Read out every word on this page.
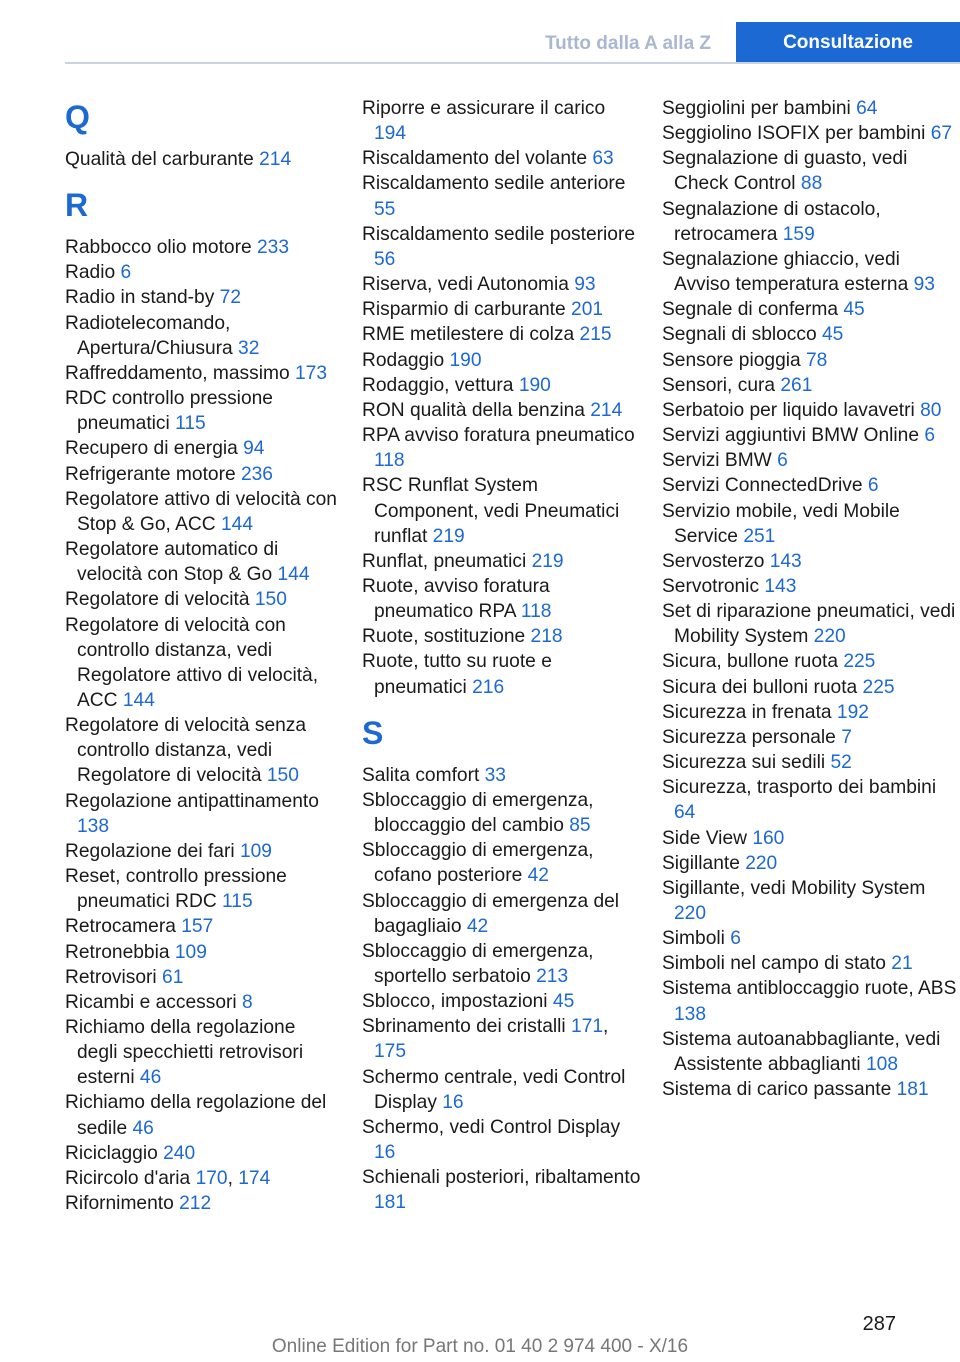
Tutto dalla A alla Z	Consultazione
Q
Qualità del carburante 214
R
Rabbocco olio motore 233
Radio 6
Radio in stand-by 72
Radiotelecomando, Apertura/Chiusura 32
Raffreddamento, massimo 173
RDC controllo pressione pneumatici 115
Recupero di energia 94
Refrigerante motore 236
Regolatore attivo di velocità con Stop & Go, ACC 144
Regolatore automatico di velocità con Stop & Go 144
Regolatore di velocità 150
Regolatore di velocità con controllo distanza, vedi Regolatore attivo di velocità, ACC 144
Regolatore di velocità senza controllo distanza, vedi Regolatore di velocità 150
Regolazione antipattinamento 138
Regolazione dei fari 109
Reset, controllo pressione pneumatici RDC 115
Retrocamera 157
Retronebbia 109
Retrovisori 61
Ricambi e accessori 8
Richiamo della regolazione degli specchietti retrovisori esterni 46
Richiamo della regolazione del sedile 46
Riciclaggio 240
Ricircolo d'aria 170, 174
Rifornimento 212
Riporre e assicurare il carico 194
Riscaldamento del volante 63
Riscaldamento sedile anteriore 55
Riscaldamento sedile posteriore 56
Riserva, vedi Autonomia 93
Risparmio di carburante 201
RME metilestere di colza 215
Rodaggio 190
Rodaggio, vettura 190
RON qualità della benzina 214
RPA avviso foratura pneumatico 118
RSC Runflat System Component, vedi Pneumatici runflat 219
Runflat, pneumatici 219
Ruote, avviso foratura pneumatico RPA 118
Ruote, sostituzione 218
Ruote, tutto su ruote e pneumatici 216
S
Salita comfort 33
Sbloccaggio di emergenza, bloccaggio del cambio 85
Sbloccaggio di emergenza, cofano posteriore 42
Sbloccaggio di emergenza del bagagliaio 42
Sbloccaggio di emergenza, sportello serbatoio 213
Sblocco, impostazioni 45
Sbrinamento dei cristalli 171, 175
Schermo centrale, vedi Control Display 16
Schermo, vedi Control Display 16
Schienali posteriori, ribaltamento 181
Seggiolini per bambini 64
Seggiolino ISOFIX per bambini 67
Segnalazione di guasto, vedi Check Control 88
Segnalazione di ostacolo, retrocamera 159
Segnalazione ghiaccio, vedi Avviso temperatura esterna 93
Segnale di conferma 45
Segnali di sblocco 45
Sensore pioggia 78
Sensori, cura 261
Serbatoio per liquido lavavetri 80
Servizi aggiuntivi BMW Online 6
Servizi BMW 6
Servizi ConnectedDrive 6
Servizio mobile, vedi Mobile Service 251
Servosterzo 143
Servotronic 143
Set di riparazione pneumatici, vedi Mobility System 220
Sicura, bullone ruota 225
Sicura dei bulloni ruota 225
Sicurezza in frenata 192
Sicurezza personale 7
Sicurezza sui sedili 52
Sicurezza, trasporto dei bambini 64
Side View 160
Sigillante 220
Sigillante, vedi Mobility System 220
Simboli 6
Simboli nel campo di stato 21
Sistema antibloccaggio ruote, ABS 138
Sistema autoanabbagliante, vedi Assistente abbaglianti 108
Sistema di carico passante 181
287
Online Edition for Part no. 01 40 2 974 400 - X/16
